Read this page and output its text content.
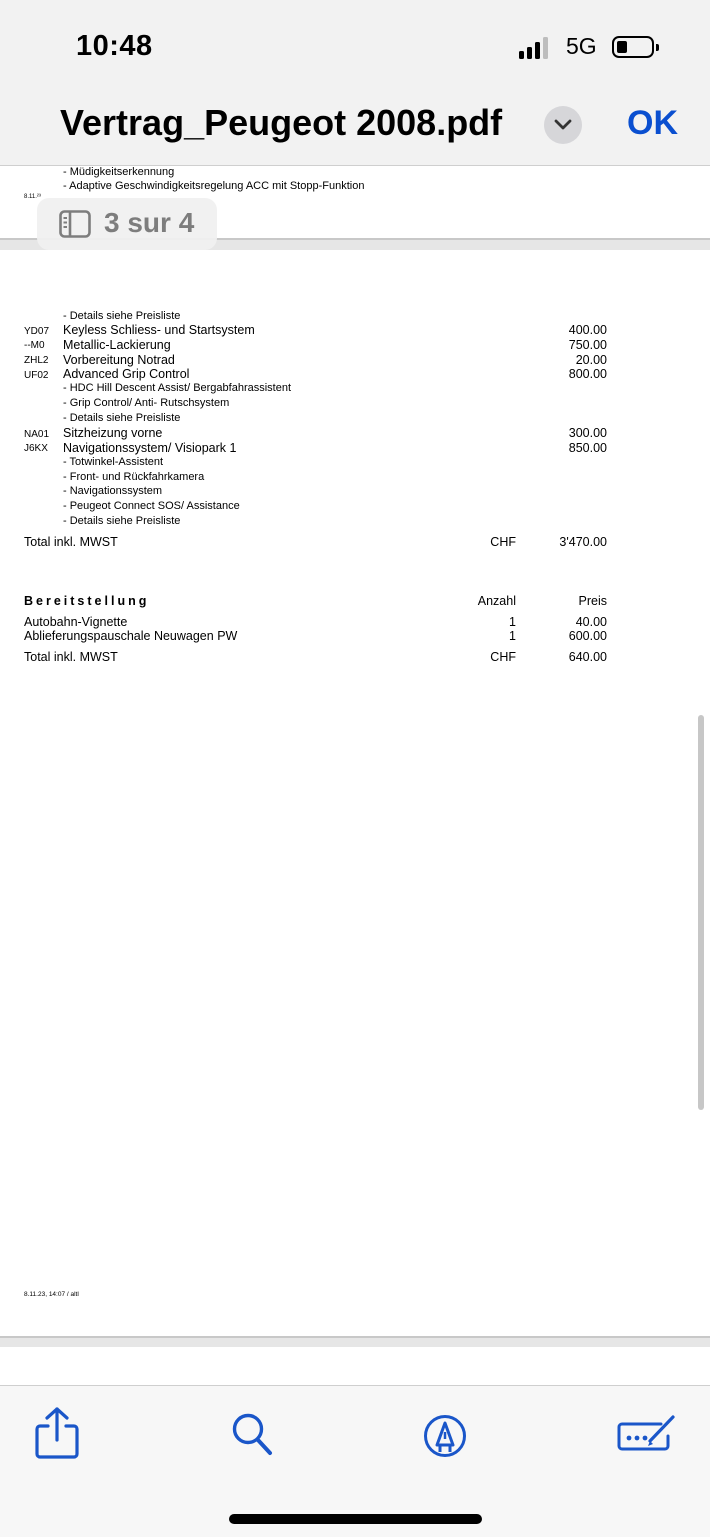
10:48	5G
Vertrag_Peugeot 2008.pdf	OK
- Müdigkeitserkennung
- Adaptive Geschwindigkeitsregelung ACC mit Stopp-Funktion
8.11.²³
- Details siehe Preisliste
YD07 Keyless Schliess- und Startsystem	400.00
--M0 Metallic-Lackierung	750.00
ZHL2 Vorbereitung Notrad	20.00
UF02 Advanced Grip Control	800.00
- HDC Hill Descent Assist/ Bergabfahrassistent
- Grip Control/ Anti- Rutschsystem
- Details siehe Preisliste
NA01 Sitzheizung vorne	300.00
J6KX Navigationssystem/ Visiopark 1	850.00
- Totwinkel-Assistent
- Front- und Rückfahrkamera
- Navigationssystem
- Peugeot Connect SOS/ Assistance
- Details siehe Preisliste
Total inkl. MWST	CHF	3'470.00
Bereitstellung	Anzahl	Preis
Autobahn-Vignette	1	40.00
Ablieferungspauschale Neuwagen PW	1	600.00
Total inkl. MWST	CHF	640.00
8.11.23, 14:07 / altl
3 sur 4
